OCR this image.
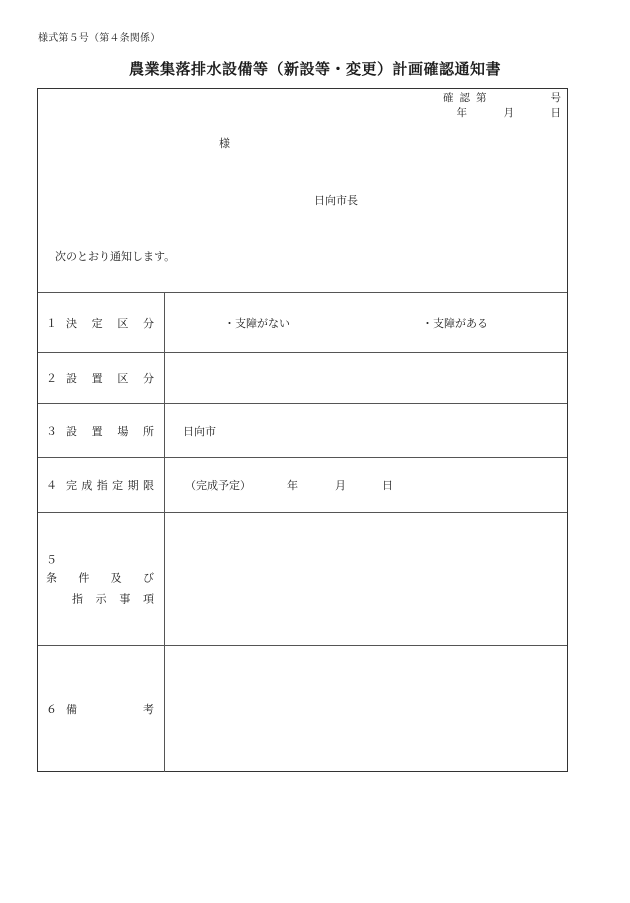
様式第５号（第４条関係）
農業集落排水設備等（新設等・変更）計画確認通知書
確認第	号
年	月	日
様
日向市長
次のとおり通知します。
１ 決 定 区 分	・支障がない	・支障がある
２ 設 置 区 分
３ 設 置 場 所	日向市
４ 完 成 指 定 期 限	（完成予定）	年	月	日
５
条 件 及 び
指 示 事 項
６ 備	考
